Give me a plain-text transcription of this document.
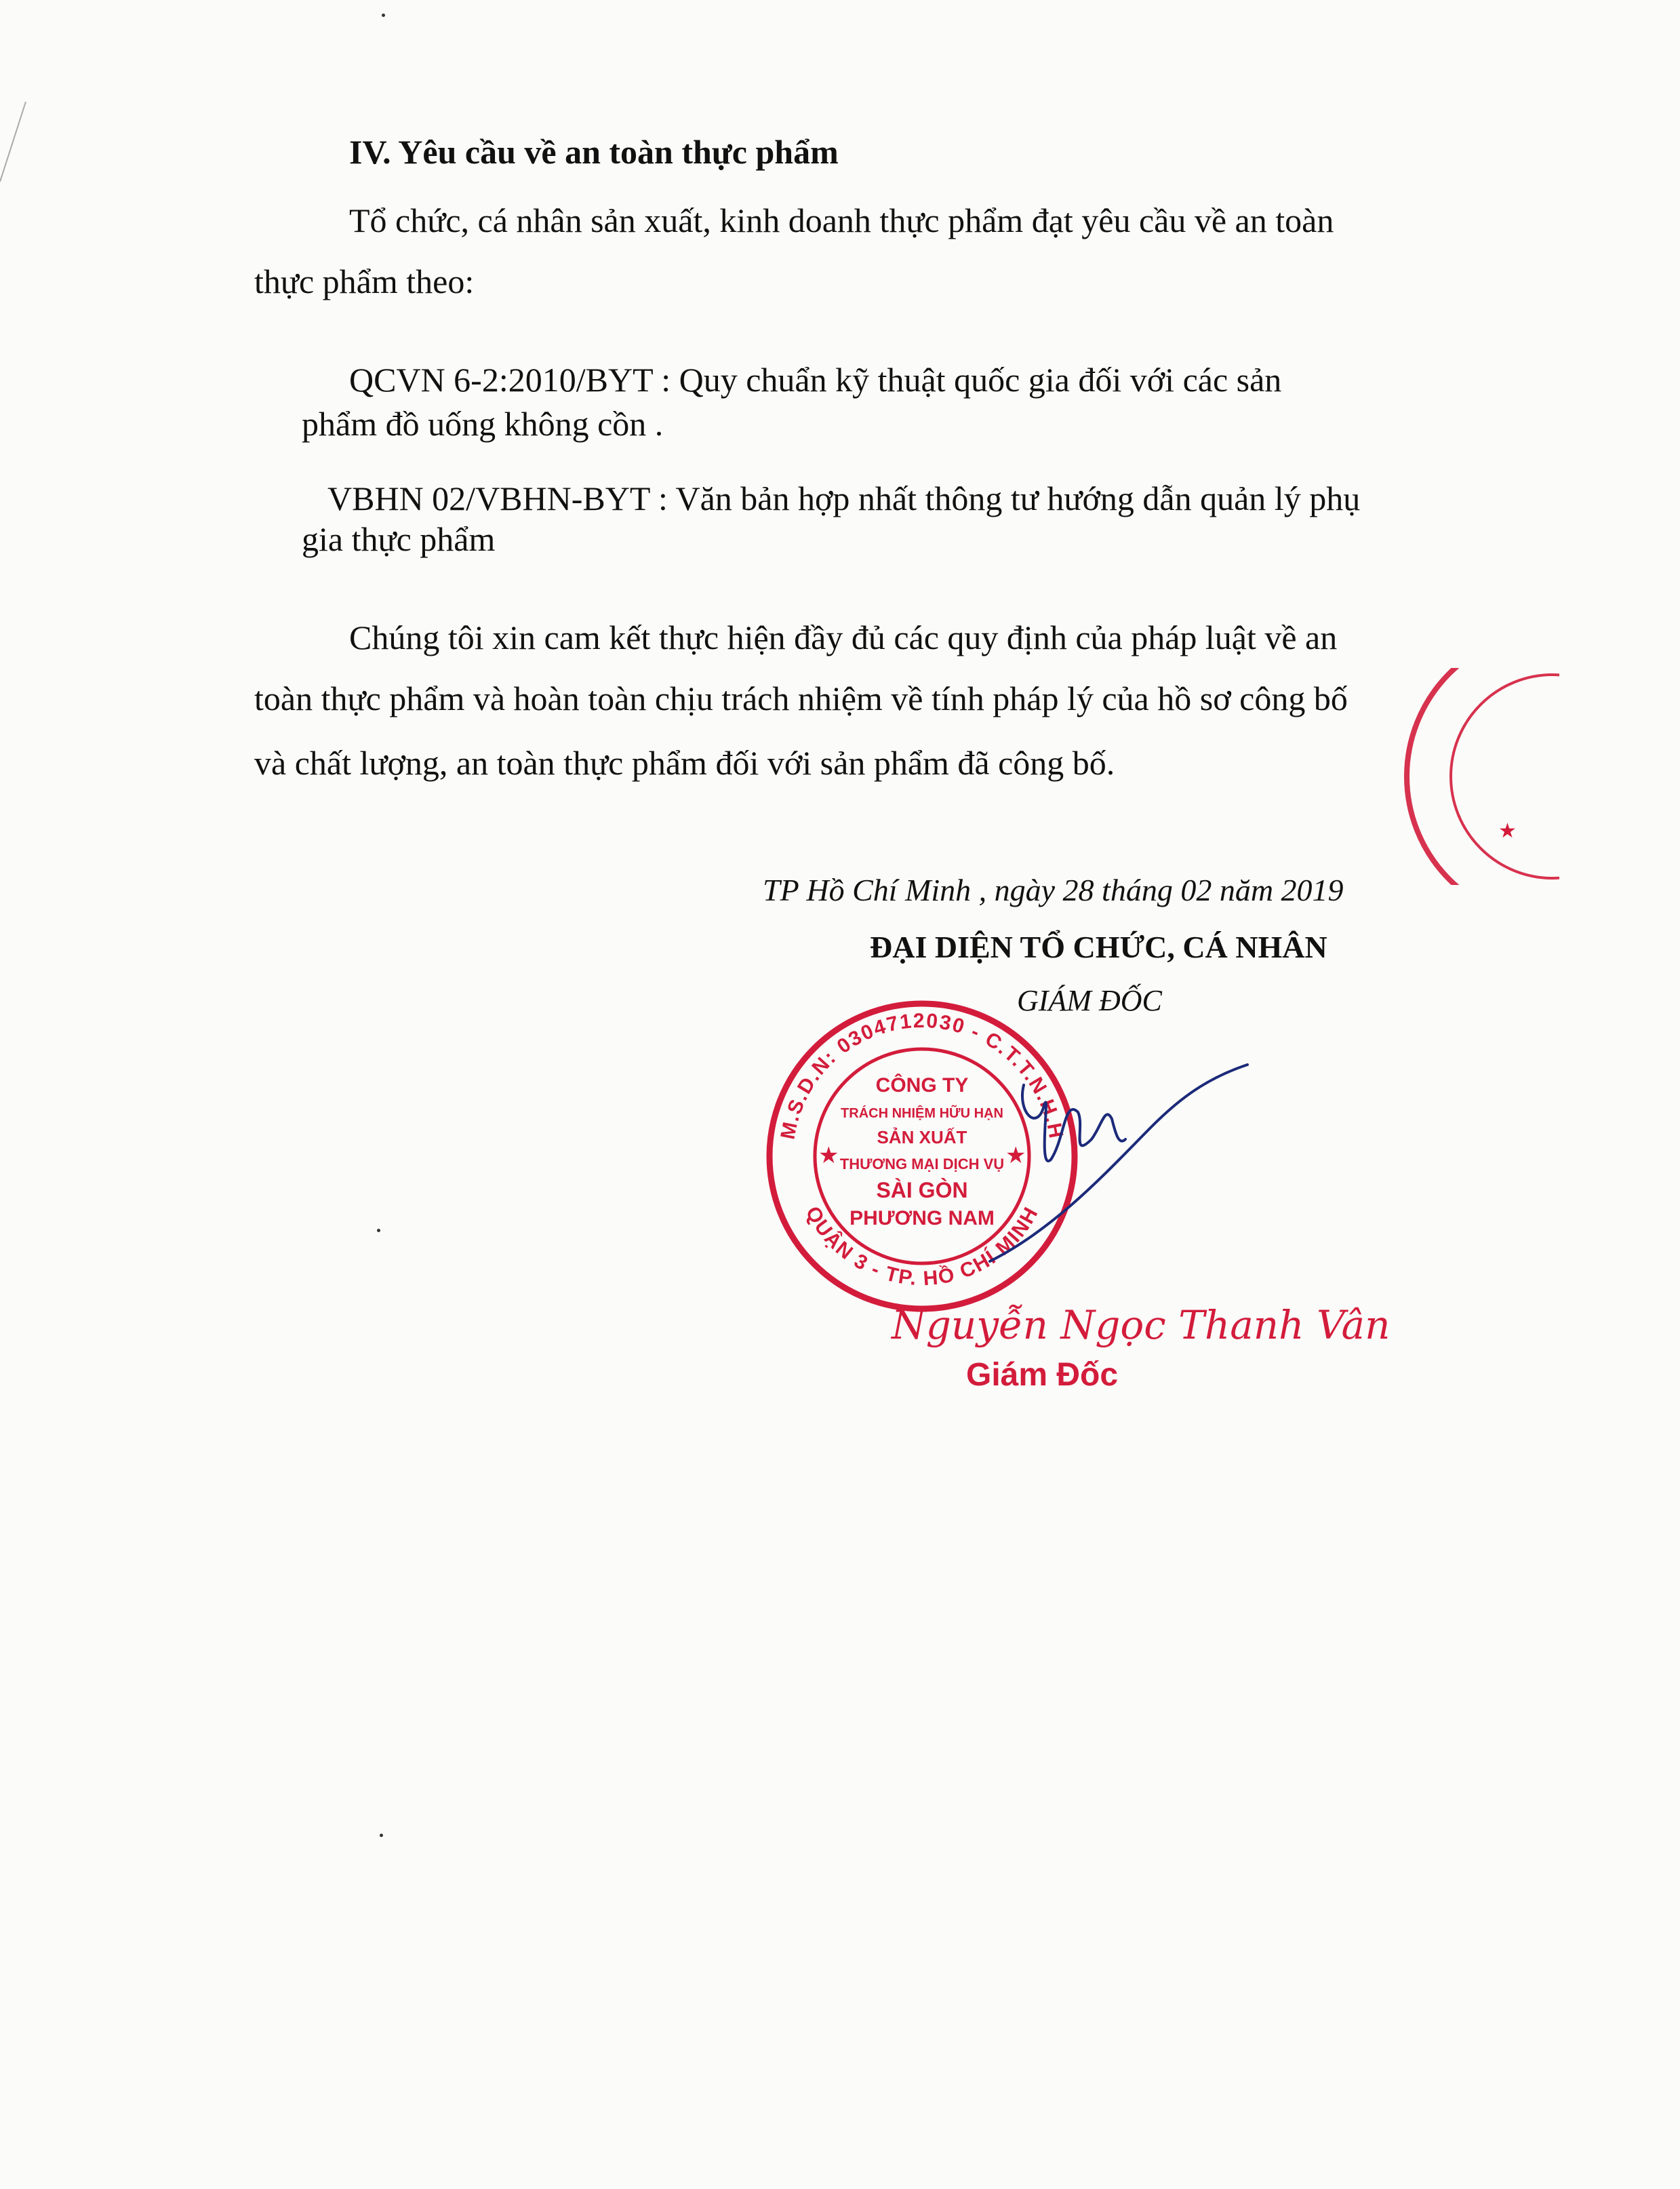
IV. Yêu cầu về an toàn thực phẩm
Tổ chức, cá nhân sản xuất, kinh doanh thực phẩm đạt yêu cầu về an toàn
thực phẩm theo:
QCVN 6-2:2010/BYT : Quy chuẩn kỹ thuật quốc gia đối với các sản
phẩm đồ uống không cồn .
VBHN 02/VBHN-BYT : Văn bản hợp nhất thông tư hướng dẫn quản lý phụ
gia thực phẩm
Chúng tôi xin cam kết thực hiện đầy đủ các quy định của pháp luật về an
toàn thực phẩm và hoàn toàn chịu trách nhiệm về tính pháp lý của hồ sơ công bố
và chất lượng, an toàn thực phẩm đối với sản phẩm đã công bố.
TP Hồ Chí Minh , ngày 28 tháng 02 năm 2019
ĐẠI DIỆN TỔ CHỨC, CÁ NHÂN
GIÁM ĐỐC
M.S.D.N: 0304712030 - C.T.T.N.H.H
QUẬN 3 - TP. HỒ CHÍ MINH
★	★
CÔNG TY
TRÁCH NHIỆM HỮU HẠN
SẢN XUẤT
THƯƠNG MẠI DỊCH VỤ
SÀI GÒN
PHƯƠNG NAM
★
Nguyễn Ngọc Thanh Vân
Giám Đốc
